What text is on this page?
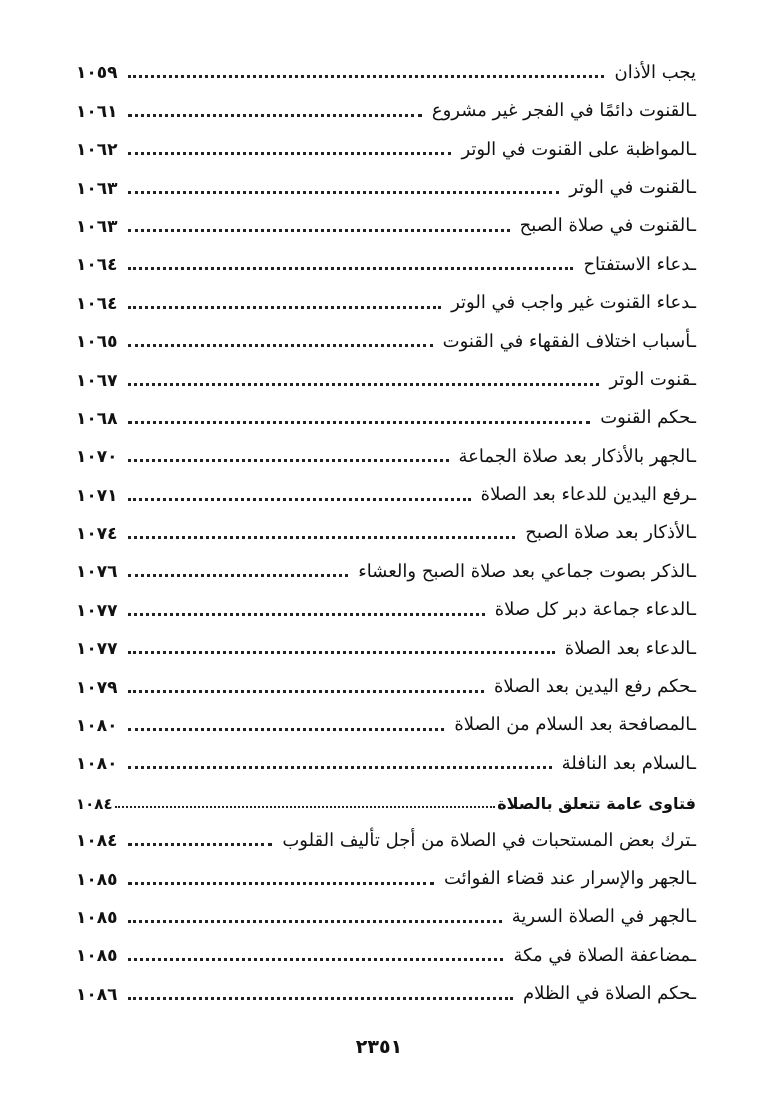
يجب الأذان
١٠٥٩
ـالقنوت دائمًا في الفجر غير مشروع
١٠٦١
ـالمواظبة على القنوت في الوتر
١٠٦٢
ـالقنوت في الوتر
١٠٦٣
ـالقنوت في صلاة الصبح
١٠٦٣
ـدعاء الاستفتاح
١٠٦٤
ـدعاء القنوت غير واجب في الوتر
١٠٦٤
ـأسباب اختلاف الفقهاء في القنوت
١٠٦٥
ـقنوت الوتر
١٠٦٧
ـحكم القنوت
١٠٦٨
ـالجهر بالأذكار بعد صلاة الجماعة
١٠٧٠
ـرفع اليدين للدعاء بعد الصلاة
١٠٧١
ـالأذكار بعد صلاة الصبح
١٠٧٤
ـالذكر بصوت جماعي بعد صلاة الصبح والعشاء
١٠٧٦
ـالدعاء جماعة دبر كل صلاة
١٠٧٧
ـالدعاء بعد الصلاة
١٠٧٧
ـحكم رفع اليدين بعد الصلاة
١٠٧٩
ـالمصافحة بعد السلام من الصلاة
١٠٨٠
ـالسلام بعد النافلة
١٠٨٠
فتاوى عامة تتعلق بالصلاة
١٠٨٤
ـترك بعض المستحبات في الصلاة من أجل تأليف القلوب
١٠٨٤
ـالجهر والإسرار عند قضاء الفوائت
١٠٨٥
ـالجهر في الصلاة السرية
١٠٨٥
ـمضاعفة الصلاة في مكة
١٠٨٥
ـحكم الصلاة في الظلام
١٠٨٦
٢٣٥١
